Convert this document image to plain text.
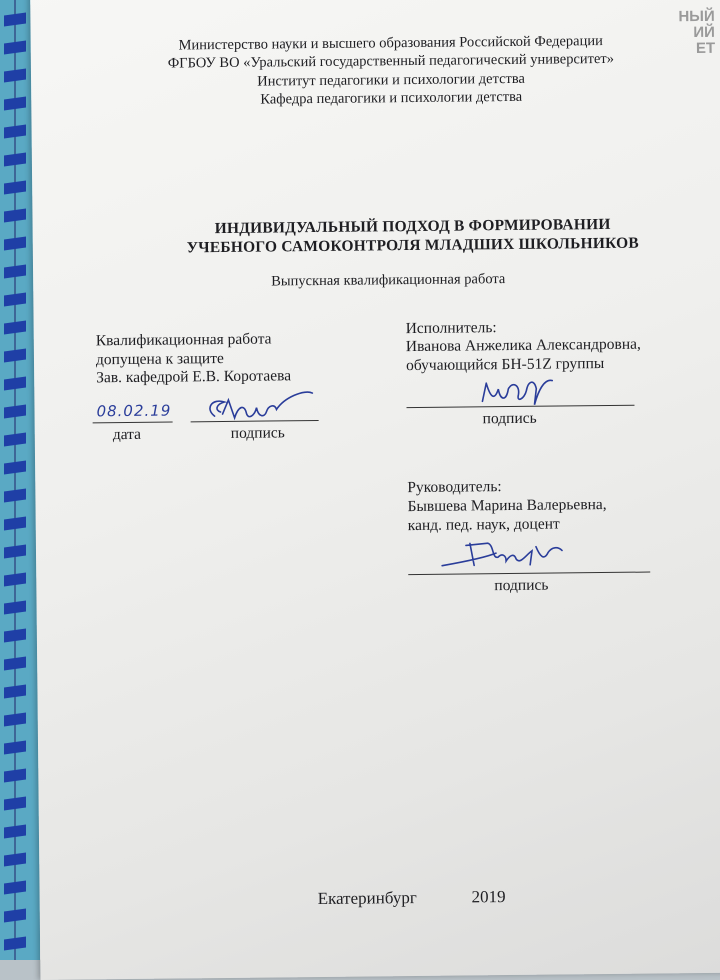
НЫЙ
ИЙ
ЕТ
Министерство науки и высшего образования Российской Федерации
ФГБОУ ВО «Уральский государственный педагогический университет»
Институт педагогики и психологии детства
Кафедра педагогики и психологии детства
ИНДИВИДУАЛЬНЫЙ ПОДХОД В ФОРМИРОВАНИИ
УЧЕБНОГО САМОКОНТРОЛЯ МЛАДШИХ ШКОЛЬНИКОВ
Выпускная квалификационная работа
Квалификационная работа
допущена к защите
Зав. кафедрой Е.В. Коротаева
08.02.19
дата	подпись
Исполнитель:
Иванова Анжелика Александровна,
обучающийся БН-51Z группы
подпись
Руководитель:
Бывшева Марина Валерьевна,
канд. пед. наук, доцент
подпись
Екатеринбург	2019
